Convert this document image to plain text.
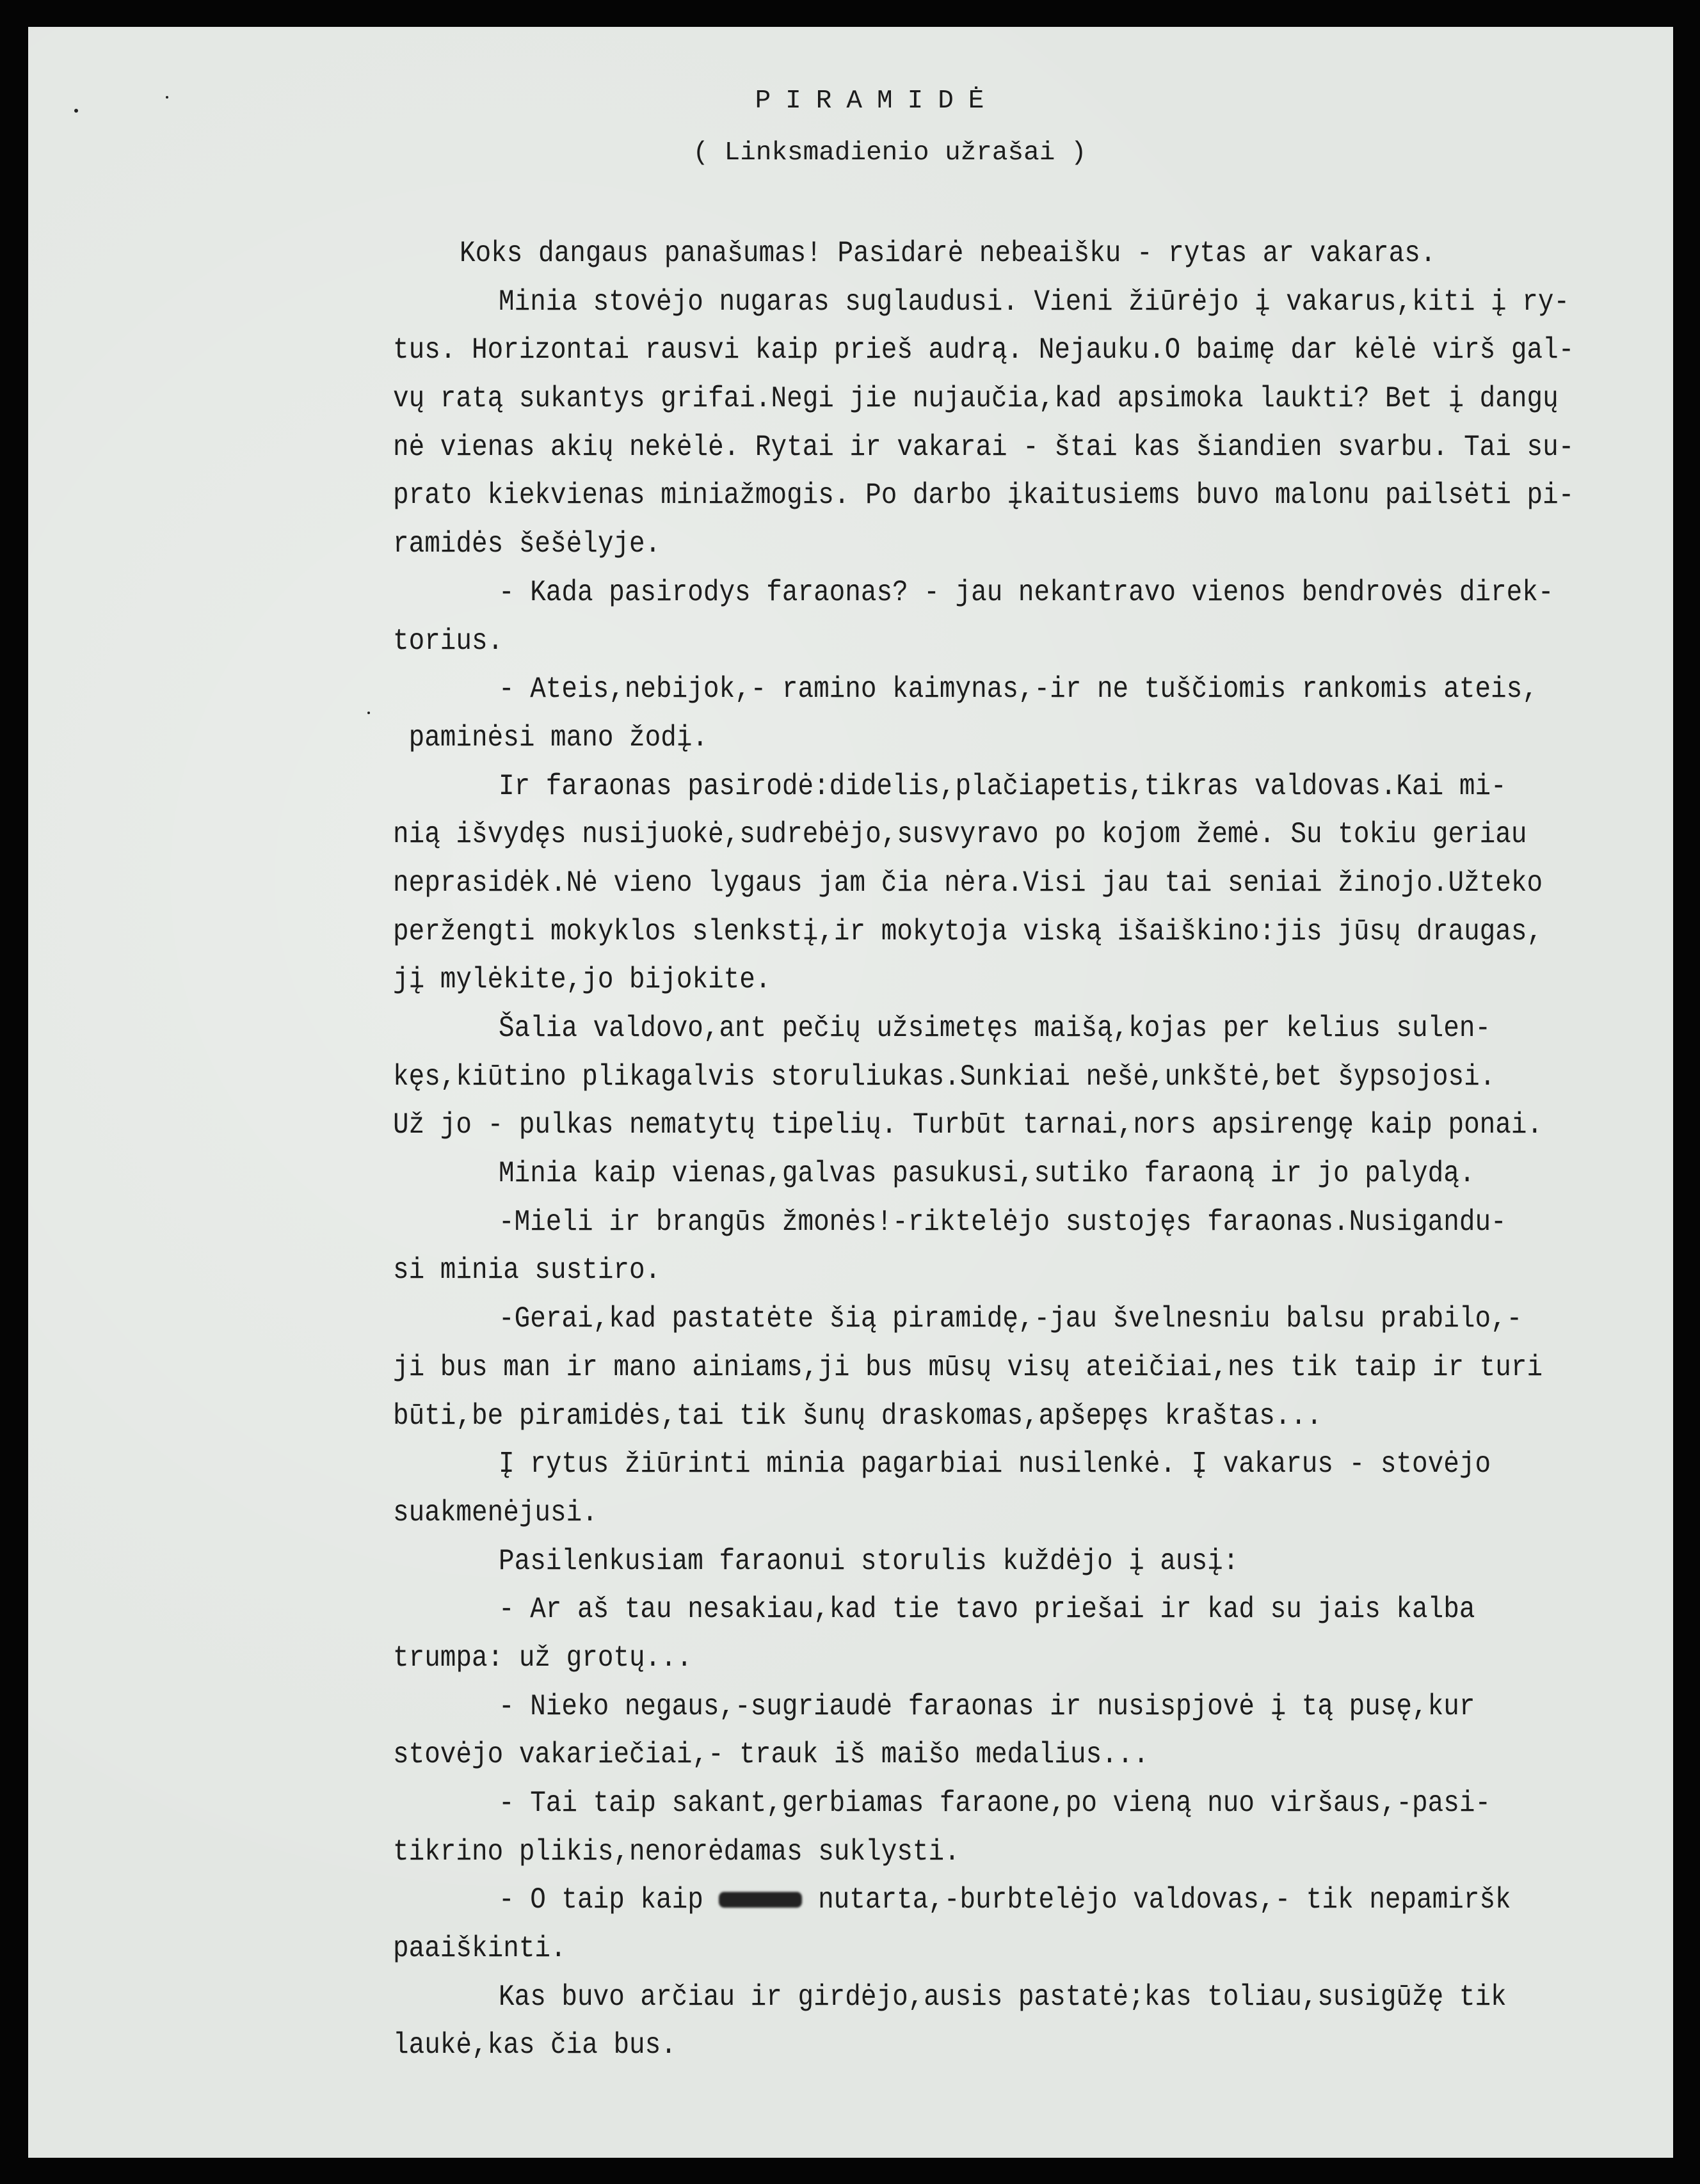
PIRAMIDĖ
( Linksmadienio užrašai )
Koks dangaus panašumas! Pasidarė nebeaišku - rytas ar vakaras.
Minia stovėjo nugaras suglaudusi. Vieni žiūrėjo į vakarus,kiti į ry-
tus. Horizontai rausvi kaip prieš audrą. Nejauku.O baimę dar kėlė virš gal-
vų ratą sukantys grifai.Negi jie nujaučia,kad apsimoka laukti? Bet į dangų
nė vienas akių nekėlė. Rytai ir vakarai - štai kas šiandien svarbu. Tai su-
prato kiekvienas miniažmogis. Po darbo įkaitusiems buvo malonu pailsėti pi-
ramidės šešėlyje.
- Kada pasirodys faraonas? - jau nekantravo vienos bendrovės direk-
torius.
- Ateis,nebijok,- ramino kaimynas,-ir ne tuščiomis rankomis ateis,
paminėsi mano žodį.
Ir faraonas pasirodė:didelis,plačiapetis,tikras valdovas.Kai mi-
nią išvydęs nusijuokė,sudrebėjo,susvyravo po kojom žemė. Su tokiu geriau
neprasidėk.Nė vieno lygaus jam čia nėra.Visi jau tai seniai žinojo.Užteko
peržengti mokyklos slenkstį,ir mokytoja viską išaiškino:jis jūsų draugas,
jį mylėkite,jo bijokite.
Šalia valdovo,ant pečių užsimetęs maišą,kojas per kelius sulen-
kęs,kiūtino plikagalvis storuliukas.Sunkiai nešė,unkštė,bet šypsojosi.
Už jo - pulkas nematytų tipelių. Turbūt tarnai,nors apsirengę kaip ponai.
Minia kaip vienas,galvas pasukusi,sutiko faraoną ir jo palydą.
-Mieli ir brangūs žmonės!-riktelėjo sustojęs faraonas.Nusigandu-
si minia sustiro.
-Gerai,kad pastatėte šią piramidę,-jau švelnesniu balsu prabilo,-
ji bus man ir mano ainiams,ji bus mūsų visų ateičiai,nes tik taip ir turi
būti,be piramidės,tai tik šunų draskomas,apšepęs kraštas...
Į rytus žiūrinti minia pagarbiai nusilenkė. Į vakarus - stovėjo
suakmenėjusi.
Pasilenkusiam faraonui storulis kuždėjo į ausį:
- Ar aš tau nesakiau,kad tie tavo priešai ir kad su jais kalba
trumpa: už grotų...
- Nieko negaus,-sugriaudė faraonas ir nusispjovė į tą pusę,kur
stovėjo vakariečiai,- trauk iš maišo medalius...
- Tai taip sakant,gerbiamas faraone,po vieną nuo viršaus,-pasi-
tikrino plikis,nenorėdamas suklysti.
- O taip kaip	nutarta,-burbtelėjo valdovas,- tik nepamiršk
paaiškinti.
Kas buvo arčiau ir girdėjo,ausis pastatė;kas toliau,susigūžę tik
laukė,kas čia bus.
